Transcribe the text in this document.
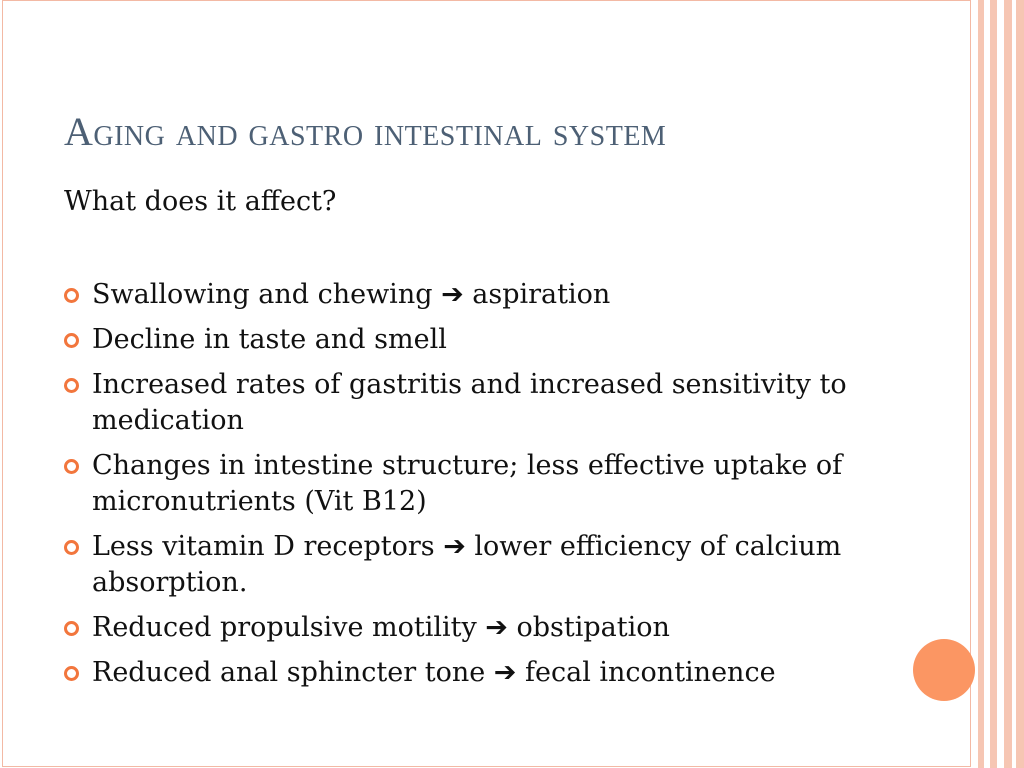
Aging and gastro intestinal system

What does it affect?

Swallowing and chewing ➔ aspiration
Decline in taste and smell
Increased rates of gastritis and increased sensitivity to medication
Changes in intestine structure; less effective uptake of micronutrients (Vit B12)
Less vitamin D receptors ➔ lower efficiency of calcium absorption.
Reduced propulsive motility ➔ obstipation
Reduced anal sphincter tone ➔ fecal incontinence
